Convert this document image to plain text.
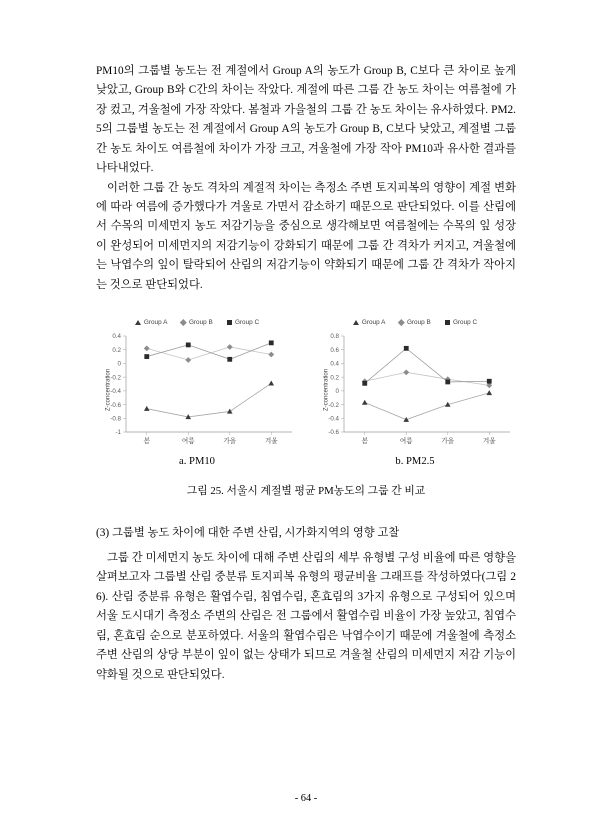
PM10의 그룹별 농도는 전 계절에서 Group A의 농도가 Group B, C보다 큰 차이로 높게 낮았고, Group B와 C간의 차이는 작았다. 계절에 따른 그룹 간 농도 차이는 여름철에 가장 컸고, 겨울철에 가장 작았다. 봄철과 가을철의 그룹 간 농도 차이는 유사하였다. PM2.5의 그룹별 농도는 전 계절에서 Group A의 농도가 Group B, C보다 낮았고, 계절별 그룹 간 농도 차이도 여름철에 차이가 가장 크고, 겨울철에 가장 작아 PM10과 유사한 결과를 나타내었다.

이러한 그룹 간 농도 격차의 계절적 차이는 측정소 주변 토지피복의 영향이 계절 변화에 따라 여름에 증가했다가 겨울로 가면서 감소하기 때문으로 판단되었다. 이를 산림에서 수목의 미세먼지 농도 저감기능을 중심으로 생각해보면 여름철에는 수목의 잎 성장이 완성되어 미세먼지의 저감기능이 강화되기 때문에 그룹 간 격차가 커지고, 겨울철에는 낙엽수의 잎이 탈락되어 산림의 저감기능이 약화되기 때문에 그룹 간 격차가 작아지는 것으로 판단되었다.

Group A	Group B	Group C
Z-concentration
0.4
0.2
0
-0.2
-0.4
-0.6
-0.8
-1
봄	여름	가을	겨울
a. PM10
Group A	Group B	Group C
Z-concentration
0.8
0.6
0.4
0.2
0
-0.2
-0.4
-0.6
봄	여름	가을	겨울
b. PM2.5
그림 25. 서울시 계절별 평균 PM농도의 그룹 간 비교

(3) 그룹별 농도 차이에 대한 주변 산림, 시가화지역의 영향 고찰

그룹 간 미세먼지 농도 차이에 대해 주변 산림의 세부 유형별 구성 비율에 따른 영향을 살펴보고자 그룹별 산림 중분류 토지피복 유형의 평균비율 그래프를 작성하였다(그림 26). 산림 중분류 유형은 활엽수림, 침엽수림, 혼효림의 3가지 유형으로 구성되어 있으며 서울 도시대기 측정소 주변의 산림은 전 그룹에서 활엽수림 비율이 가장 높았고, 침엽수림, 혼효림 순으로 분포하였다. 서울의 활엽수림은 낙엽수이기 때문에 겨울철에 측정소 주변 산림의 상당 부분이 잎이 없는 상태가 되므로 겨울철 산림의 미세먼지 저감 기능이 약화될 것으로 판단되었다.

- 64 -
